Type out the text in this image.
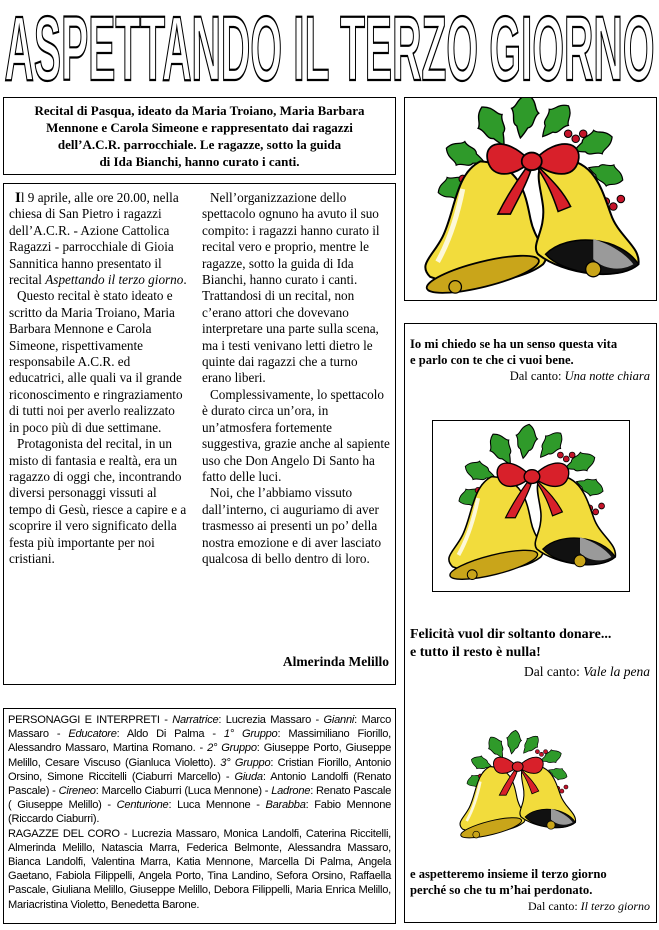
ASPETTANDO IL TERZO GIORNO
Recital di Pasqua, ideato da Maria Troiano, Maria Barbara
Mennone e Carola Simeone e rappresentato dai ragazzi
dell’A.C.R. parrocchiale. Le ragazze, sotto la guida
di Ida Bianchi, hanno curato i canti.

Il 9 aprile, alle ore 20.00, nella chiesa di San Pietro i ragazzi dell’A.C.R. - Azione Cattolica Ragazzi - parrocchiale di Gioia Sannitica hanno presentato il recital Aspettando il terzo giorno.

Questo recital è stato ideato e scritto da Maria Troiano, Maria Barbara Mennone e Carola Simeone, rispettivamente responsabile A.C.R. ed educatrici, alle quali va il grande riconoscimento e ringraziamento di tutti noi per averlo realizzato in poco più di due settimane.

Protagonista del recital, in un misto di fantasia e realtà, era un ragazzo di oggi che, incontrando diversi personaggi vissuti al tempo di Gesù, riesce a capire e a scoprire il vero significato della festa più importante per noi cristiani.

Nell’organizzazione dello spettacolo ognuno ha avuto il suo compito: i ragazzi hanno curato il recital vero e proprio, mentre le ragazze, sotto la guida di Ida Bianchi, hanno curato i canti. Trattandosi di un recital, non c’erano attori che dovevano interpretare una parte sulla scena, ma i testi venivano letti dietro le quinte dai ragazzi che a turno erano liberi.

Complessivamente, lo spettacolo è durato circa un’ora, in un’atmosfera fortemente suggestiva, grazie anche al sapiente uso che Don Angelo Di Santo ha fatto delle luci.

Noi, che l’abbiamo vissuto dall’interno, ci auguriamo di aver trasmesso ai presenti un po’ della nostra emozione e di aver lasciato qualcosa di bello dentro di loro.

Almerinda Melillo

PERSONAGGI E INTERPRETI - Narratrice: Lucrezia Massaro - Gianni: Marco Massaro - Educatore: Aldo Di Palma - 1° Gruppo: Massimiliano Fiorillo, Alessandro Massaro, Martina Romano. - 2° Gruppo: Giuseppe Porto, Giuseppe Melillo, Cesare Viscuso (Gianluca Violetto). 3° Gruppo: Cristian Fiorillo, Antonio Orsino, Simone Riccitelli (Ciaburri Marcello) - Giuda: Antonio Landolfi (Renato Pascale) - Cireneo: Marcello Ciaburri (Luca Mennone) - Ladrone: Renato Pascale ( Giuseppe Melillo) - Centurione: Luca Mennone - Barabba: Fabio Mennone (Riccardo Ciaburri).

RAGAZZE DEL CORO - Lucrezia Massaro, Monica Landolfi, Caterina Riccitelli, Almerinda Melillo, Natascia Marra, Federica Belmonte, Alessandra Massaro, Bianca Landolfi, Valentina Marra, Katia Mennone, Marcella Di Palma, Angela Gaetano, Fabiola Filippelli, Angela Porto, Tina Landino, Sefora Orsino, Raffaella Pascale, Giuliana Melillo, Giuseppe Melillo, Debora Filippelli, Maria Enrica Melillo, Mariacristina Violetto, Benedetta Barone.

Io mi chiedo se ha un senso questa vita
e parlo con te che ci vuoi bene.
Dal canto: Una notte chiara
Felicità vuol dir soltanto donare...
e tutto il resto è nulla!
Dal canto: Vale la pena
e aspetteremo insieme il terzo giorno
perché so che tu m’hai perdonato.
Dal canto: Il terzo giorno
